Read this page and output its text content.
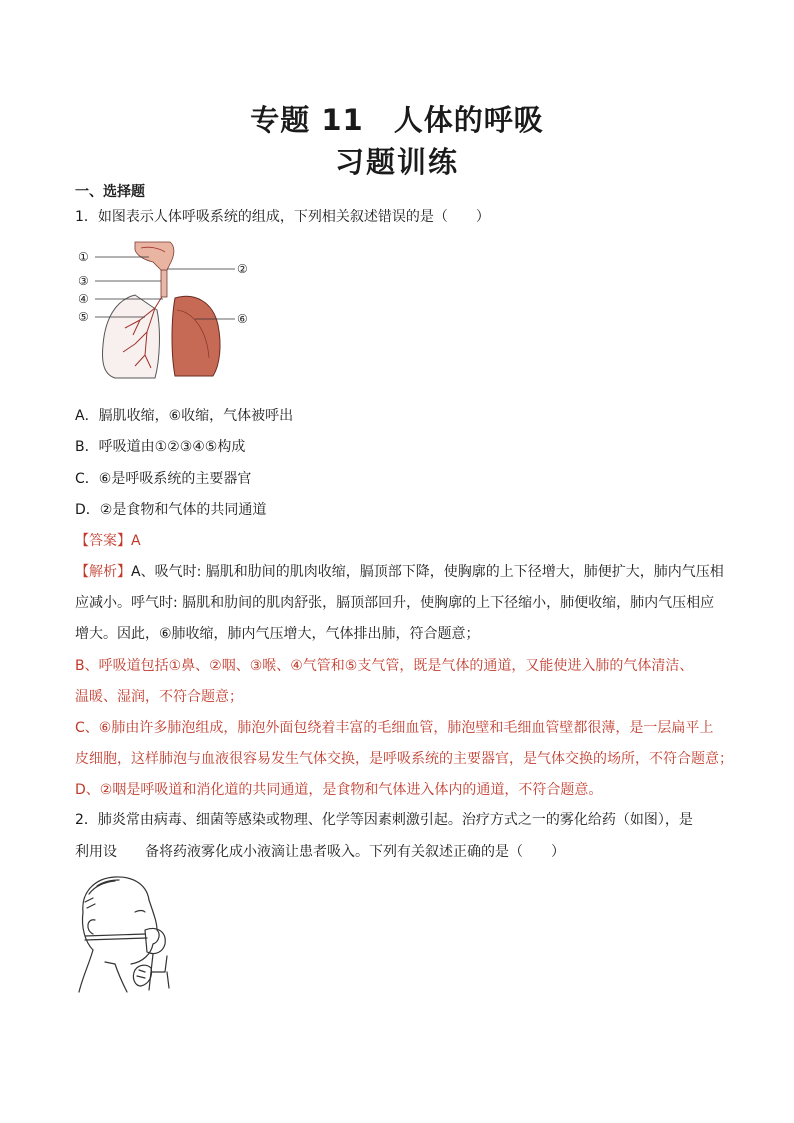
专题 11　人体的呼吸
习题训练
一、选择题
1．如图表示人体呼吸系统的组成，下列相关叙述错误的是（　　）
①
②
③
④
⑤	⑥
A．膈肌收缩，⑥收缩，气体被呼出
B．呼吸道由①②③④⑤构成
C．⑥是呼吸系统的主要器官
D．②是食物和气体的共同通道
【答案】A
【解析】A、吸气时: 膈肌和肋间的肌肉收缩，膈顶部下降，使胸廓的上下径增大，肺便扩大，肺内气压相
应减小。呼气时: 膈肌和肋间的肌肉舒张，膈顶部回升，使胸廓的上下径缩小，肺便收缩，肺内气压相应
增大。因此，⑥肺收缩，肺内气压增大，气体排出肺，符合题意；
B、呼吸道包括①鼻、②咽、③喉、④气管和⑤支气管，既是气体的通道，又能使进入肺的气体清洁、
温暖、湿润，不符合题意；
C、⑥肺由许多肺泡组成，肺泡外面包绕着丰富的毛细血管，肺泡壁和毛细血管壁都很薄，是一层扁平上
皮细胞，这样肺泡与血液很容易发生气体交换，是呼吸系统的主要器官，是气体交换的场所，不符合题意；
D、②咽是呼吸道和消化道的共同通道，是食物和气体进入体内的通道，不符合题意。
2．肺炎常由病毒、细菌等感染或物理、化学等因素刺激引起。治疗方式之一的雾化给药（如图），是
利用设　　备将药液雾化成小液滴让患者吸入。下列有关叙述正确的是（　　）
